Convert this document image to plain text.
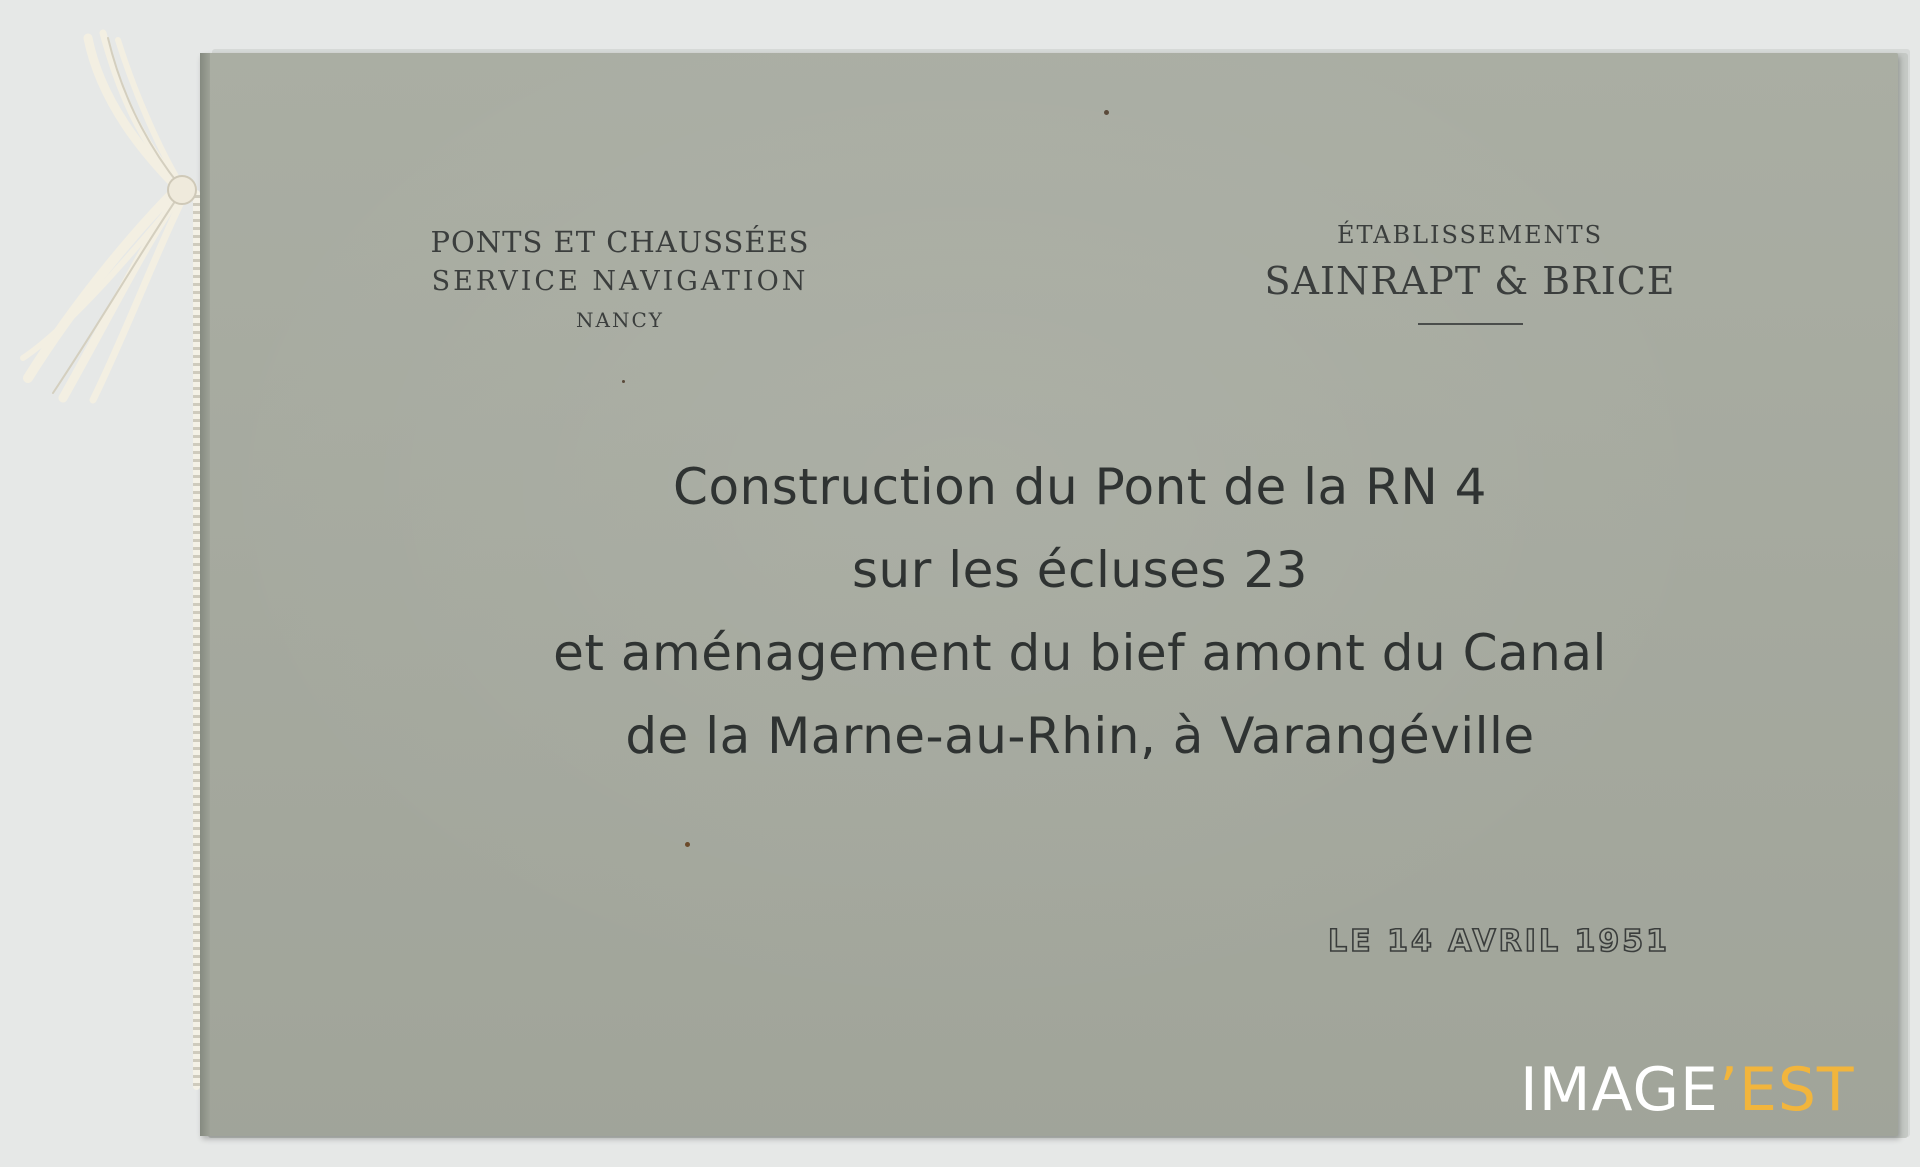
PONTS ET CHAUSSÉES
SERVICE NAVIGATION
NANCY
ÉTABLISSEMENTS
SAINRAPT & BRICE
Construction du Pont de la RN 4
sur les écluses 23
et aménagement du bief amont du Canal
de la Marne-au-Rhin, à Varangéville
LE 14 AVRIL 1951
IMAGE’EST
